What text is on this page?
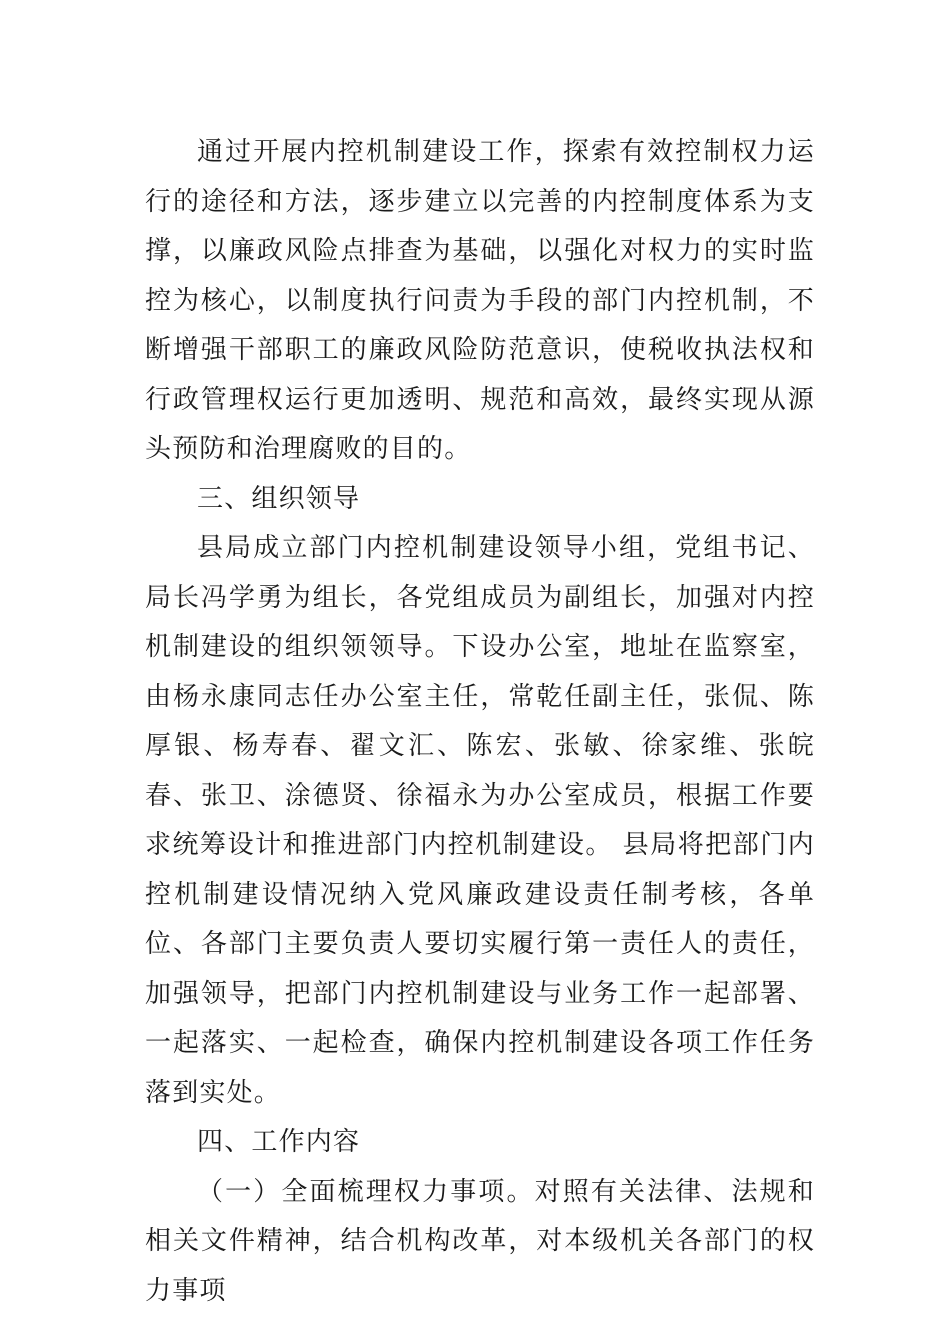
通过开展内控机制建设工作，探索有效控制权力运行的途径和方法，逐步建立以完善的内控制度体系为支撑，以廉政风险点排查为基础，以强化对权力的实时监控为核心，以制度执行问责为手段的部门内控机制，不断增强干部职工的廉政风险防范意识，使税收执法权和行政管理权运行更加透明、规范和高效，最终实现从源头预防和治理腐败的目的。

三、组织领导

县局成立部门内控机制建设领导小组，党组书记、局长冯学勇为组长，各党组成员为副组长，加强对内控机制建设的组织领领导。下设办公室，地址在监察室，由杨永康同志任办公室主任，常乾任副主任，张侃、陈厚银、杨寿春、翟文汇、陈宏、张敏、徐家维、张皖春、张卫、涂德贤、徐福永为办公室成员，根据工作要求统筹设计和推进部门内控机制建设。 县局将把部门内控机制建设情况纳入党风廉政建设责任制考核，各单位、各部门主要负责人要切实履行第一责任人的责任，加强领导，把部门内控机制建设与业务工作一起部署、一起落实、一起检查，确保内控机制建设各项工作任务落到实处。

四、工作内容

（一）全面梳理权力事项。对照有关法律、法规和相关文件精神，结合机构改革，对本级机关各部门的权力事项
